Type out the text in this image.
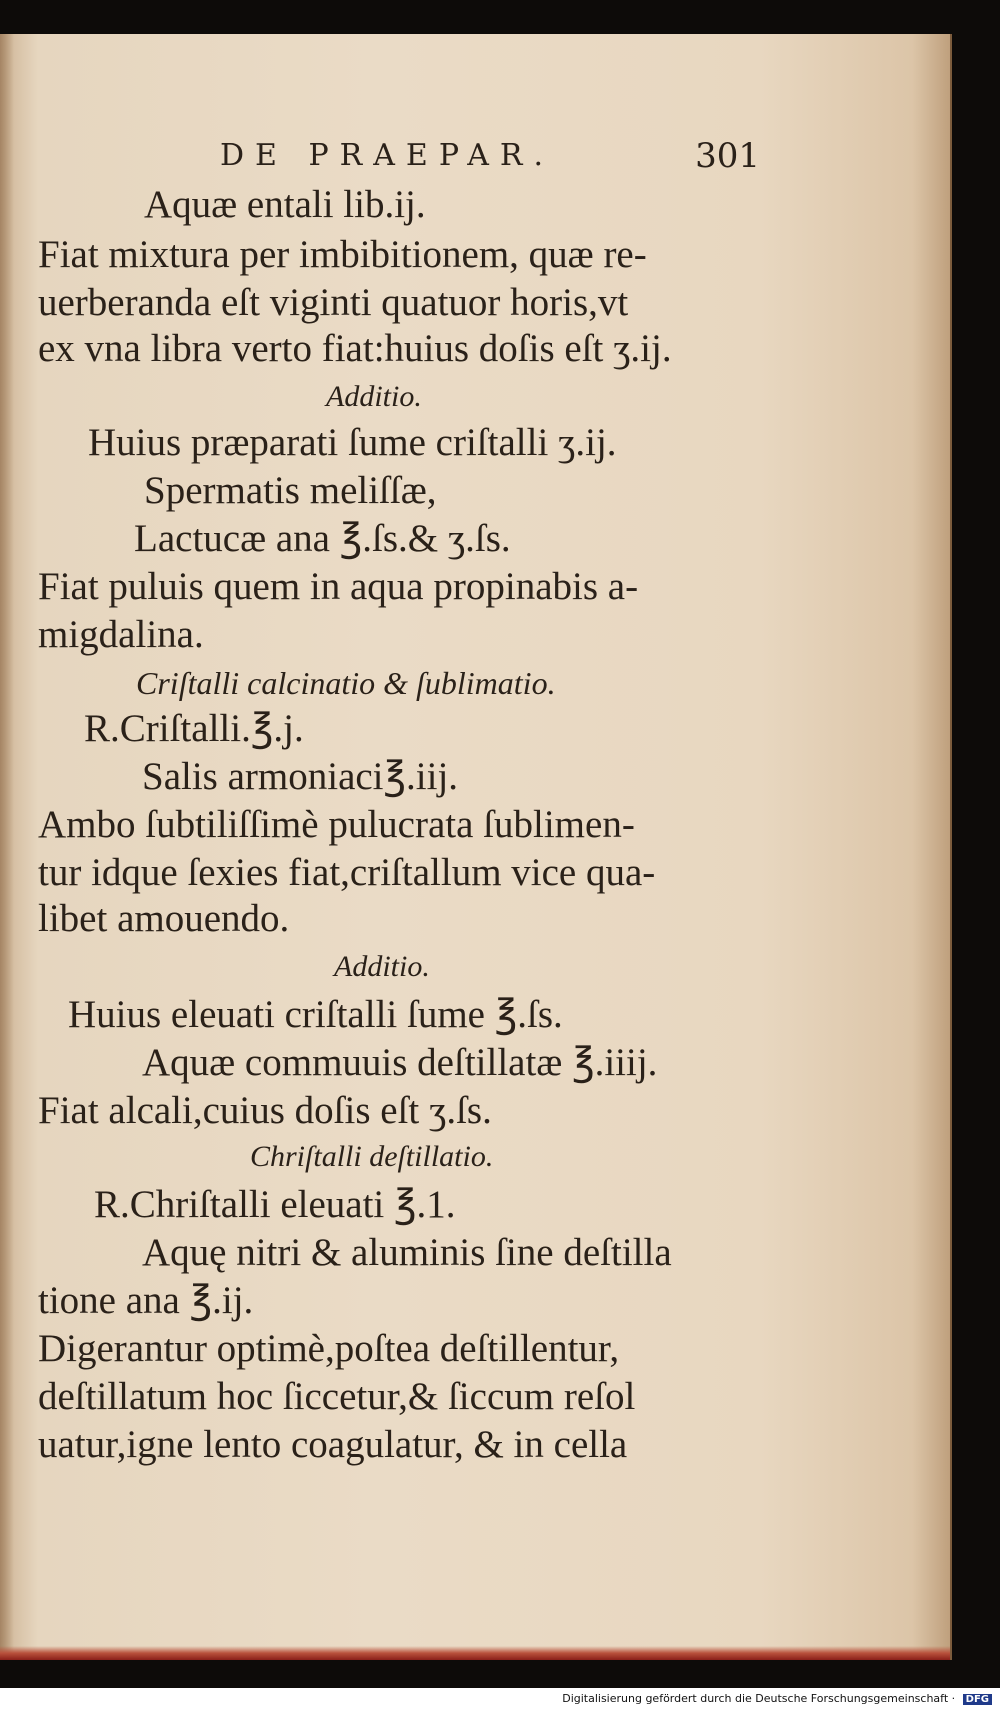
DE PRAEPAR.	301
Aquæ entali lib.ij.
Fiat mixtura per imbibitionem, quæ re-
uerberanda eſt viginti quatuor horis,vt
ex vna libra verto fiat:huius doſis eſt ʒ.ij.
Additio.
Huius præparati ſume criſtalli ʒ.ij.
Spermatis meliſſæ,
Lactucæ ana ℥.ſs.& ʒ.ſs.
Fiat puluis quem in aqua propinabis a-
migdalina.
Criſtalli calcinatio & ſublimatio.
R.Criſtalli.℥.j.
Salis armoniaci℥.iij.
Ambo ſubtiliſſimè pulucrata ſublimen-
tur idque ſexies fiat,criſtallum vice qua-
libet amouendo.
Additio.
Huius eleuati criſtalli ſume ℥.ſs.
Aquæ commuuis deſtillatæ ℥.iiij.
Fiat alcali,cuius doſis eſt ʒ.ſs.
Chriſtalli deſtillatio.
R.Chriſtalli eleuati ℥.1.
Aquę nitri & aluminis ſine deſtilla
tione ana ℥.ij.
Digerantur optimè,poſtea deſtillentur,
deſtillatum hoc ſiccetur,& ſiccum reſol
uatur,igne lento coagulatur, & in cella
Digitalisierung gefördert durch die Deutsche Forschungsgemeinschaft · DFG
